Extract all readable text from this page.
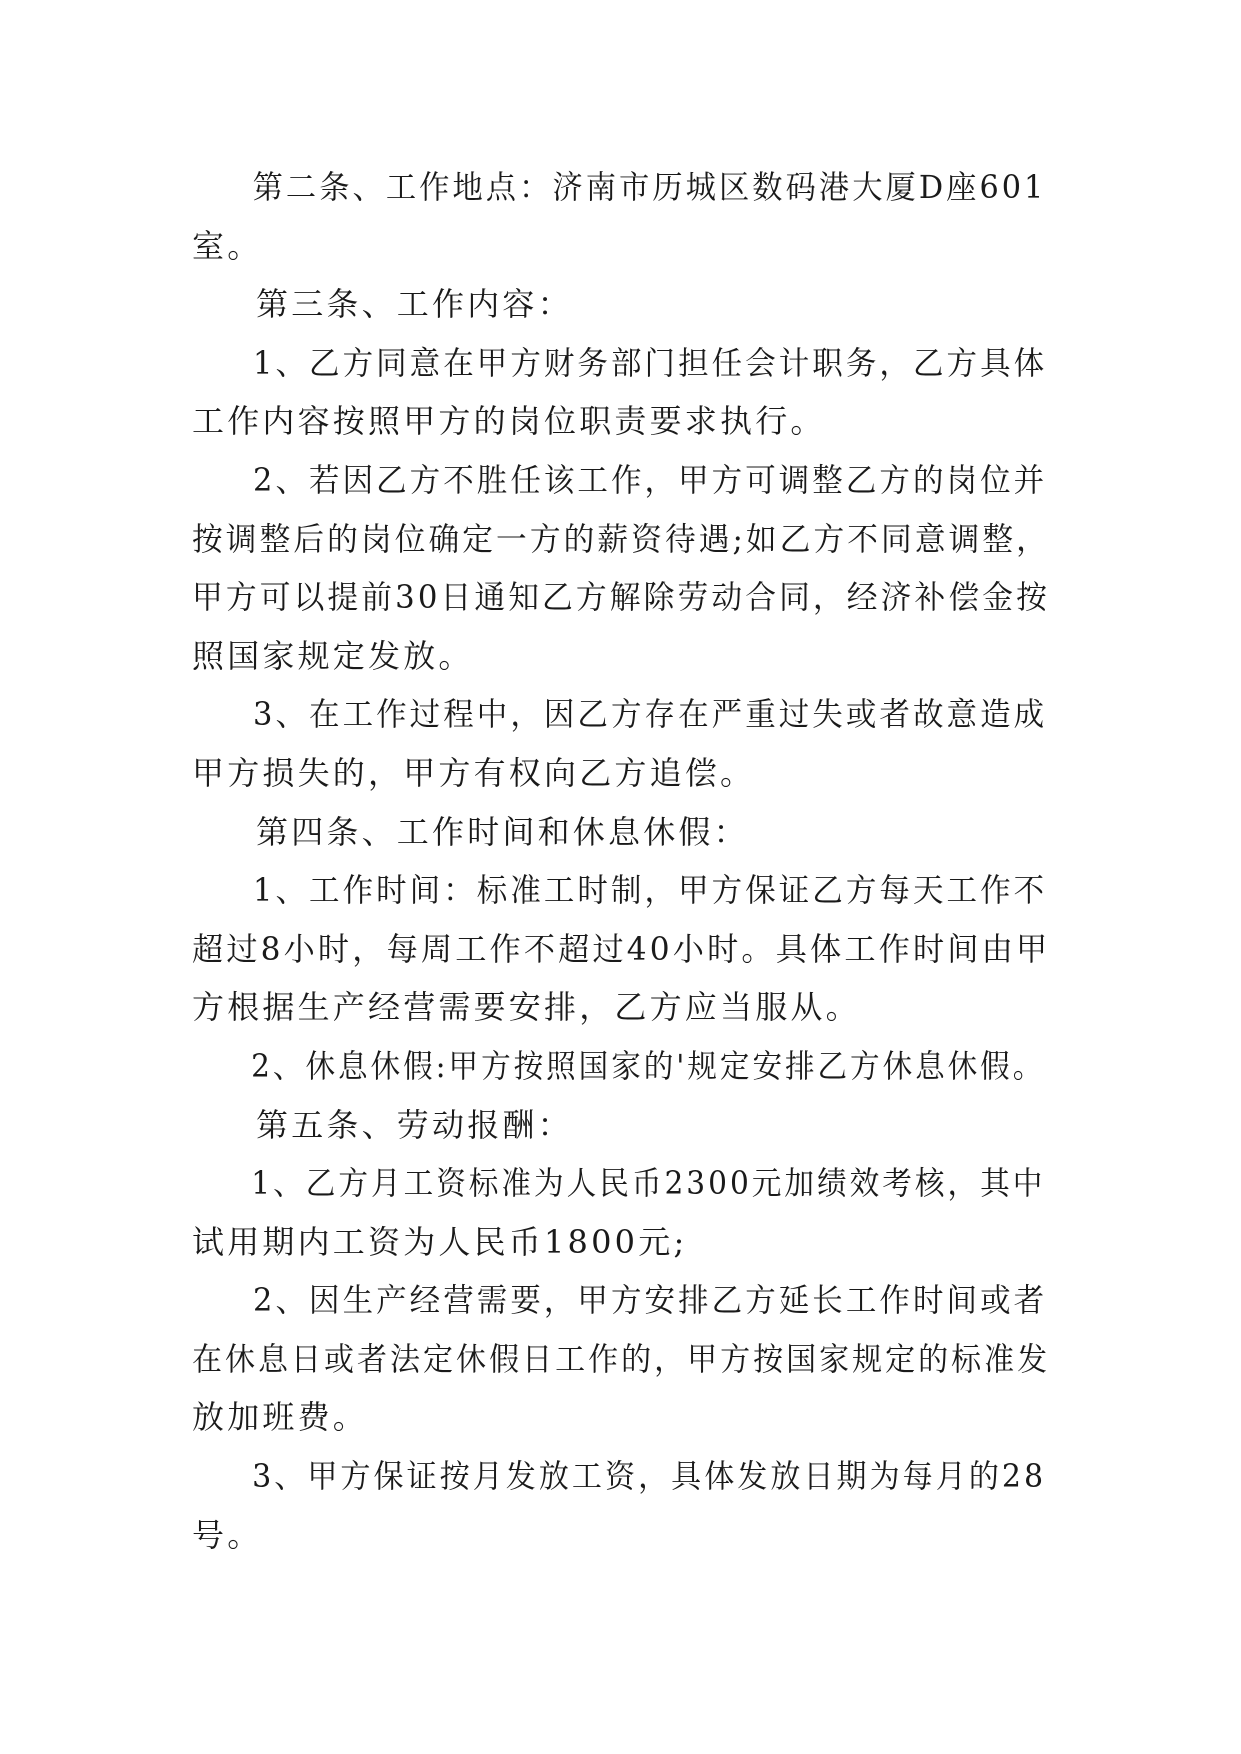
第二条、工作地点：济南市历城区数码港大厦D座601
室。
第三条、工作内容：
1、乙方同意在甲方财务部门担任会计职务，乙方具体
工作内容按照甲方的岗位职责要求执行。
2、若因乙方不胜任该工作，甲方可调整乙方的岗位并
按调整后的岗位确定一方的薪资待遇;如乙方不同意调整，
甲方可以提前30日通知乙方解除劳动合同，经济补偿金按
照国家规定发放。
3、在工作过程中，因乙方存在严重过失或者故意造成
甲方损失的，甲方有权向乙方追偿。
第四条、工作时间和休息休假：
1、工作时间：标准工时制，甲方保证乙方每天工作不
超过8小时，每周工作不超过40小时。具体工作时间由甲
方根据生产经营需要安排，乙方应当服从。
2、休息休假:甲方按照国家的'规定安排乙方休息休假。
第五条、劳动报酬：
1、乙方月工资标准为人民币2300元加绩效考核，其中
试用期内工资为人民币1800元;
2、因生产经营需要，甲方安排乙方延长工作时间或者
在休息日或者法定休假日工作的，甲方按国家规定的标准发
放加班费。
3、甲方保证按月发放工资，具体发放日期为每月的28
号。
